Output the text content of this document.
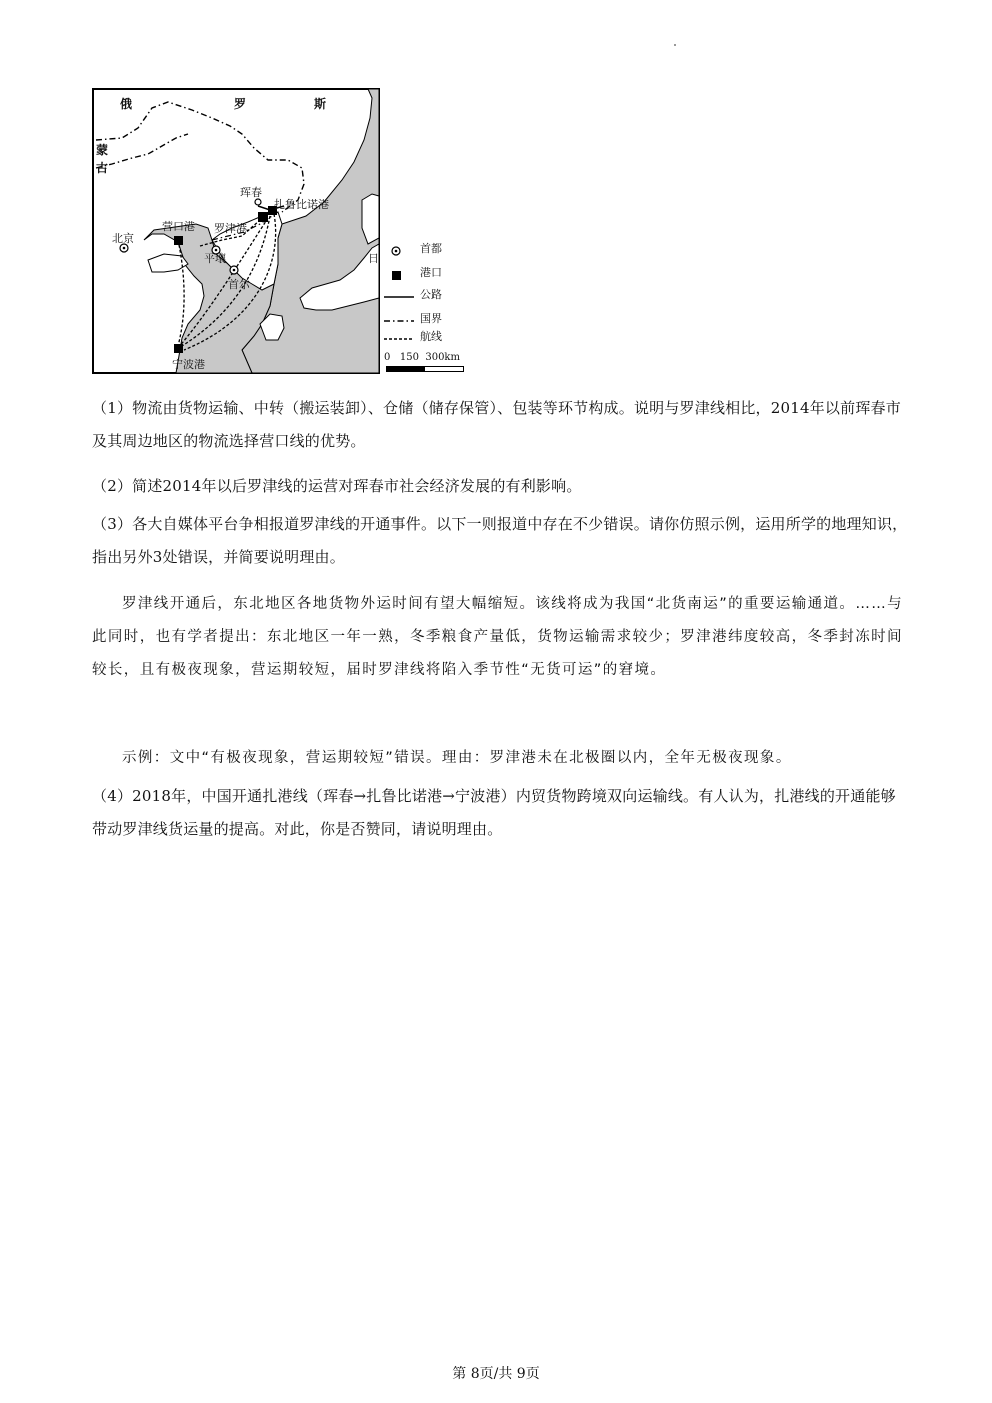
俄	罗	斯
蒙
古
珲春
扎鲁比诺港
营口港 罗津港
北京
平壤
首尔
日
宁波港
首都
港口
公路
国界
航线
0   150  300km
（1）物流由货物运输、中转（搬运装卸）、仓储（储存保管）、包装等环节构成。说明与罗津线相比，2014年以前珲春市及其周边地区的物流选择营口线的优势。
（2）简述2014年以后罗津线的运营对珲春市社会经济发展的有利影响。
（3）各大自媒体平台争相报道罗津线的开通事件。以下一则报道中存在不少错误。请你仿照示例，运用所学的地理知识，指出另外3处错误，并简要说明理由。
罗津线开通后，东北地区各地货物外运时间有望大幅缩短。该线将成为我国“北货南运”的重要运输通道。……与此同时，也有学者提出：东北地区一年一熟，冬季粮食产量低，货物运输需求较少；罗津港纬度较高，冬季封冻时间较长，且有极夜现象，营运期较短，届时罗津线将陷入季节性“无货可运”的窘境。
示例：文中“有极夜现象，营运期较短”错误。理由：罗津港未在北极圈以内，全年无极夜现象。
（4）2018年，中国开通扎港线（珲春→扎鲁比诺港→宁波港）内贸货物跨境双向运输线。有人认为，扎港线的开通能够带动罗津线货运量的提高。对此，你是否赞同，请说明理由。
第 8页/共 9页
